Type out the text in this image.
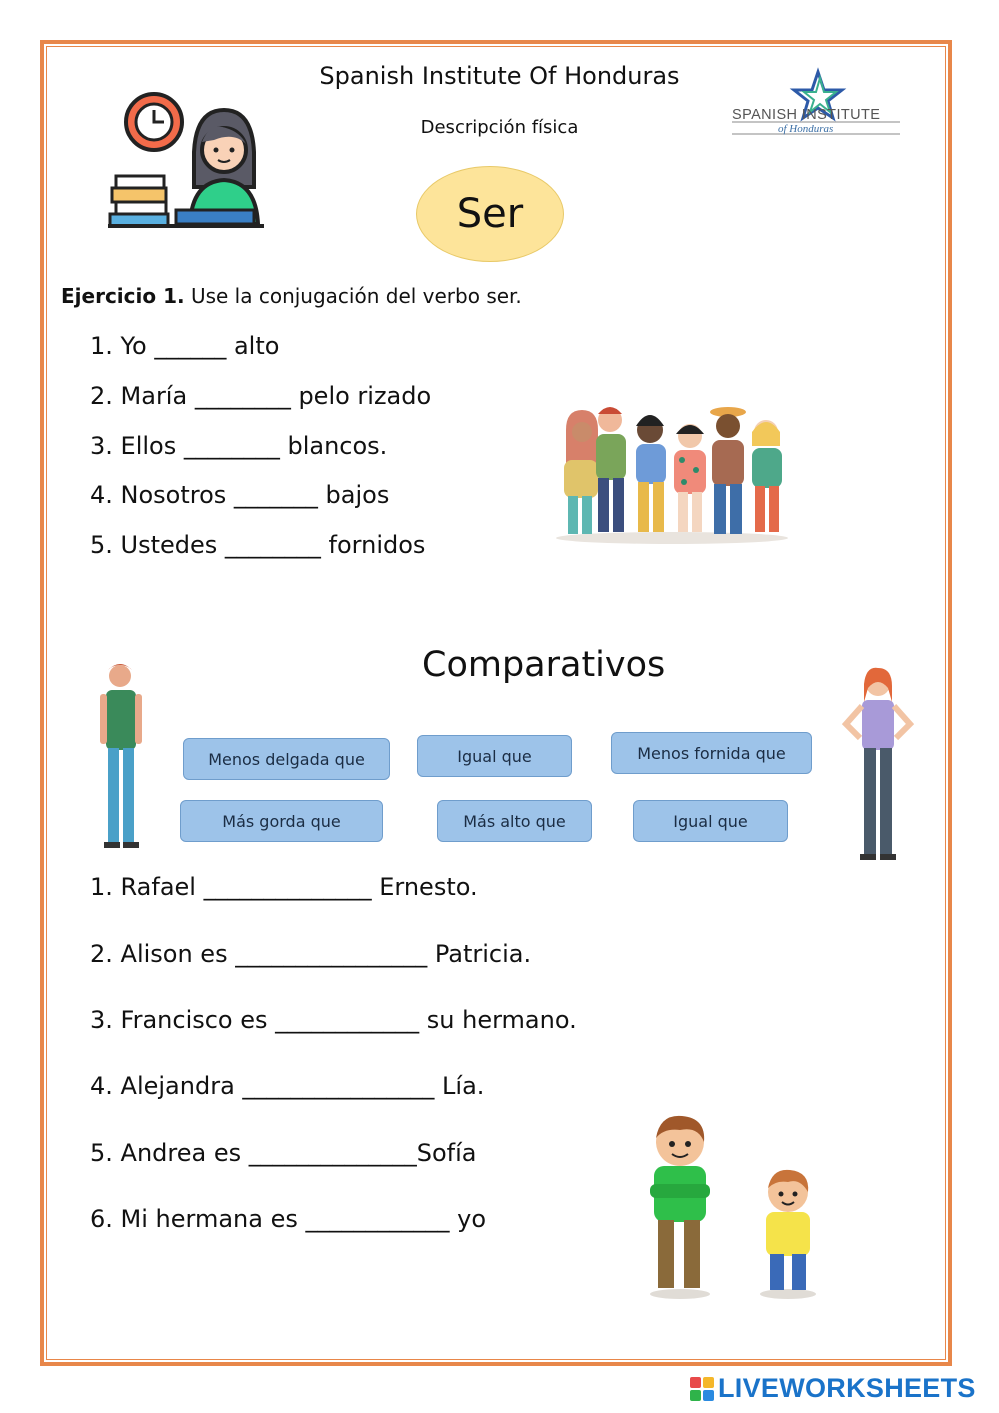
Spanish Institute Of Honduras
Descripción física
SPANISH INSTITUTE
of Honduras
Ser
Ejercicio 1. Use la conjugación del verbo ser.
1. Yo ______ alto
2. María ________ pelo rizado
3. Ellos ________ blancos.
4. Nosotros _______ bajos
5. Ustedes ________ fornidos
Comparativos
Menos delgada que	Igual que	Menos fornida que
Más gorda que	Más alto que	Igual que
1. Rafael ______________ Ernesto.
2. Alison es ________________ Patricia.
3. Francisco es ____________ su hermano.
4. Alejandra ________________ Lía.
5. Andrea es ______________Sofía
6. Mi hermana es ____________ yo
LIVEWORKSHEETS
